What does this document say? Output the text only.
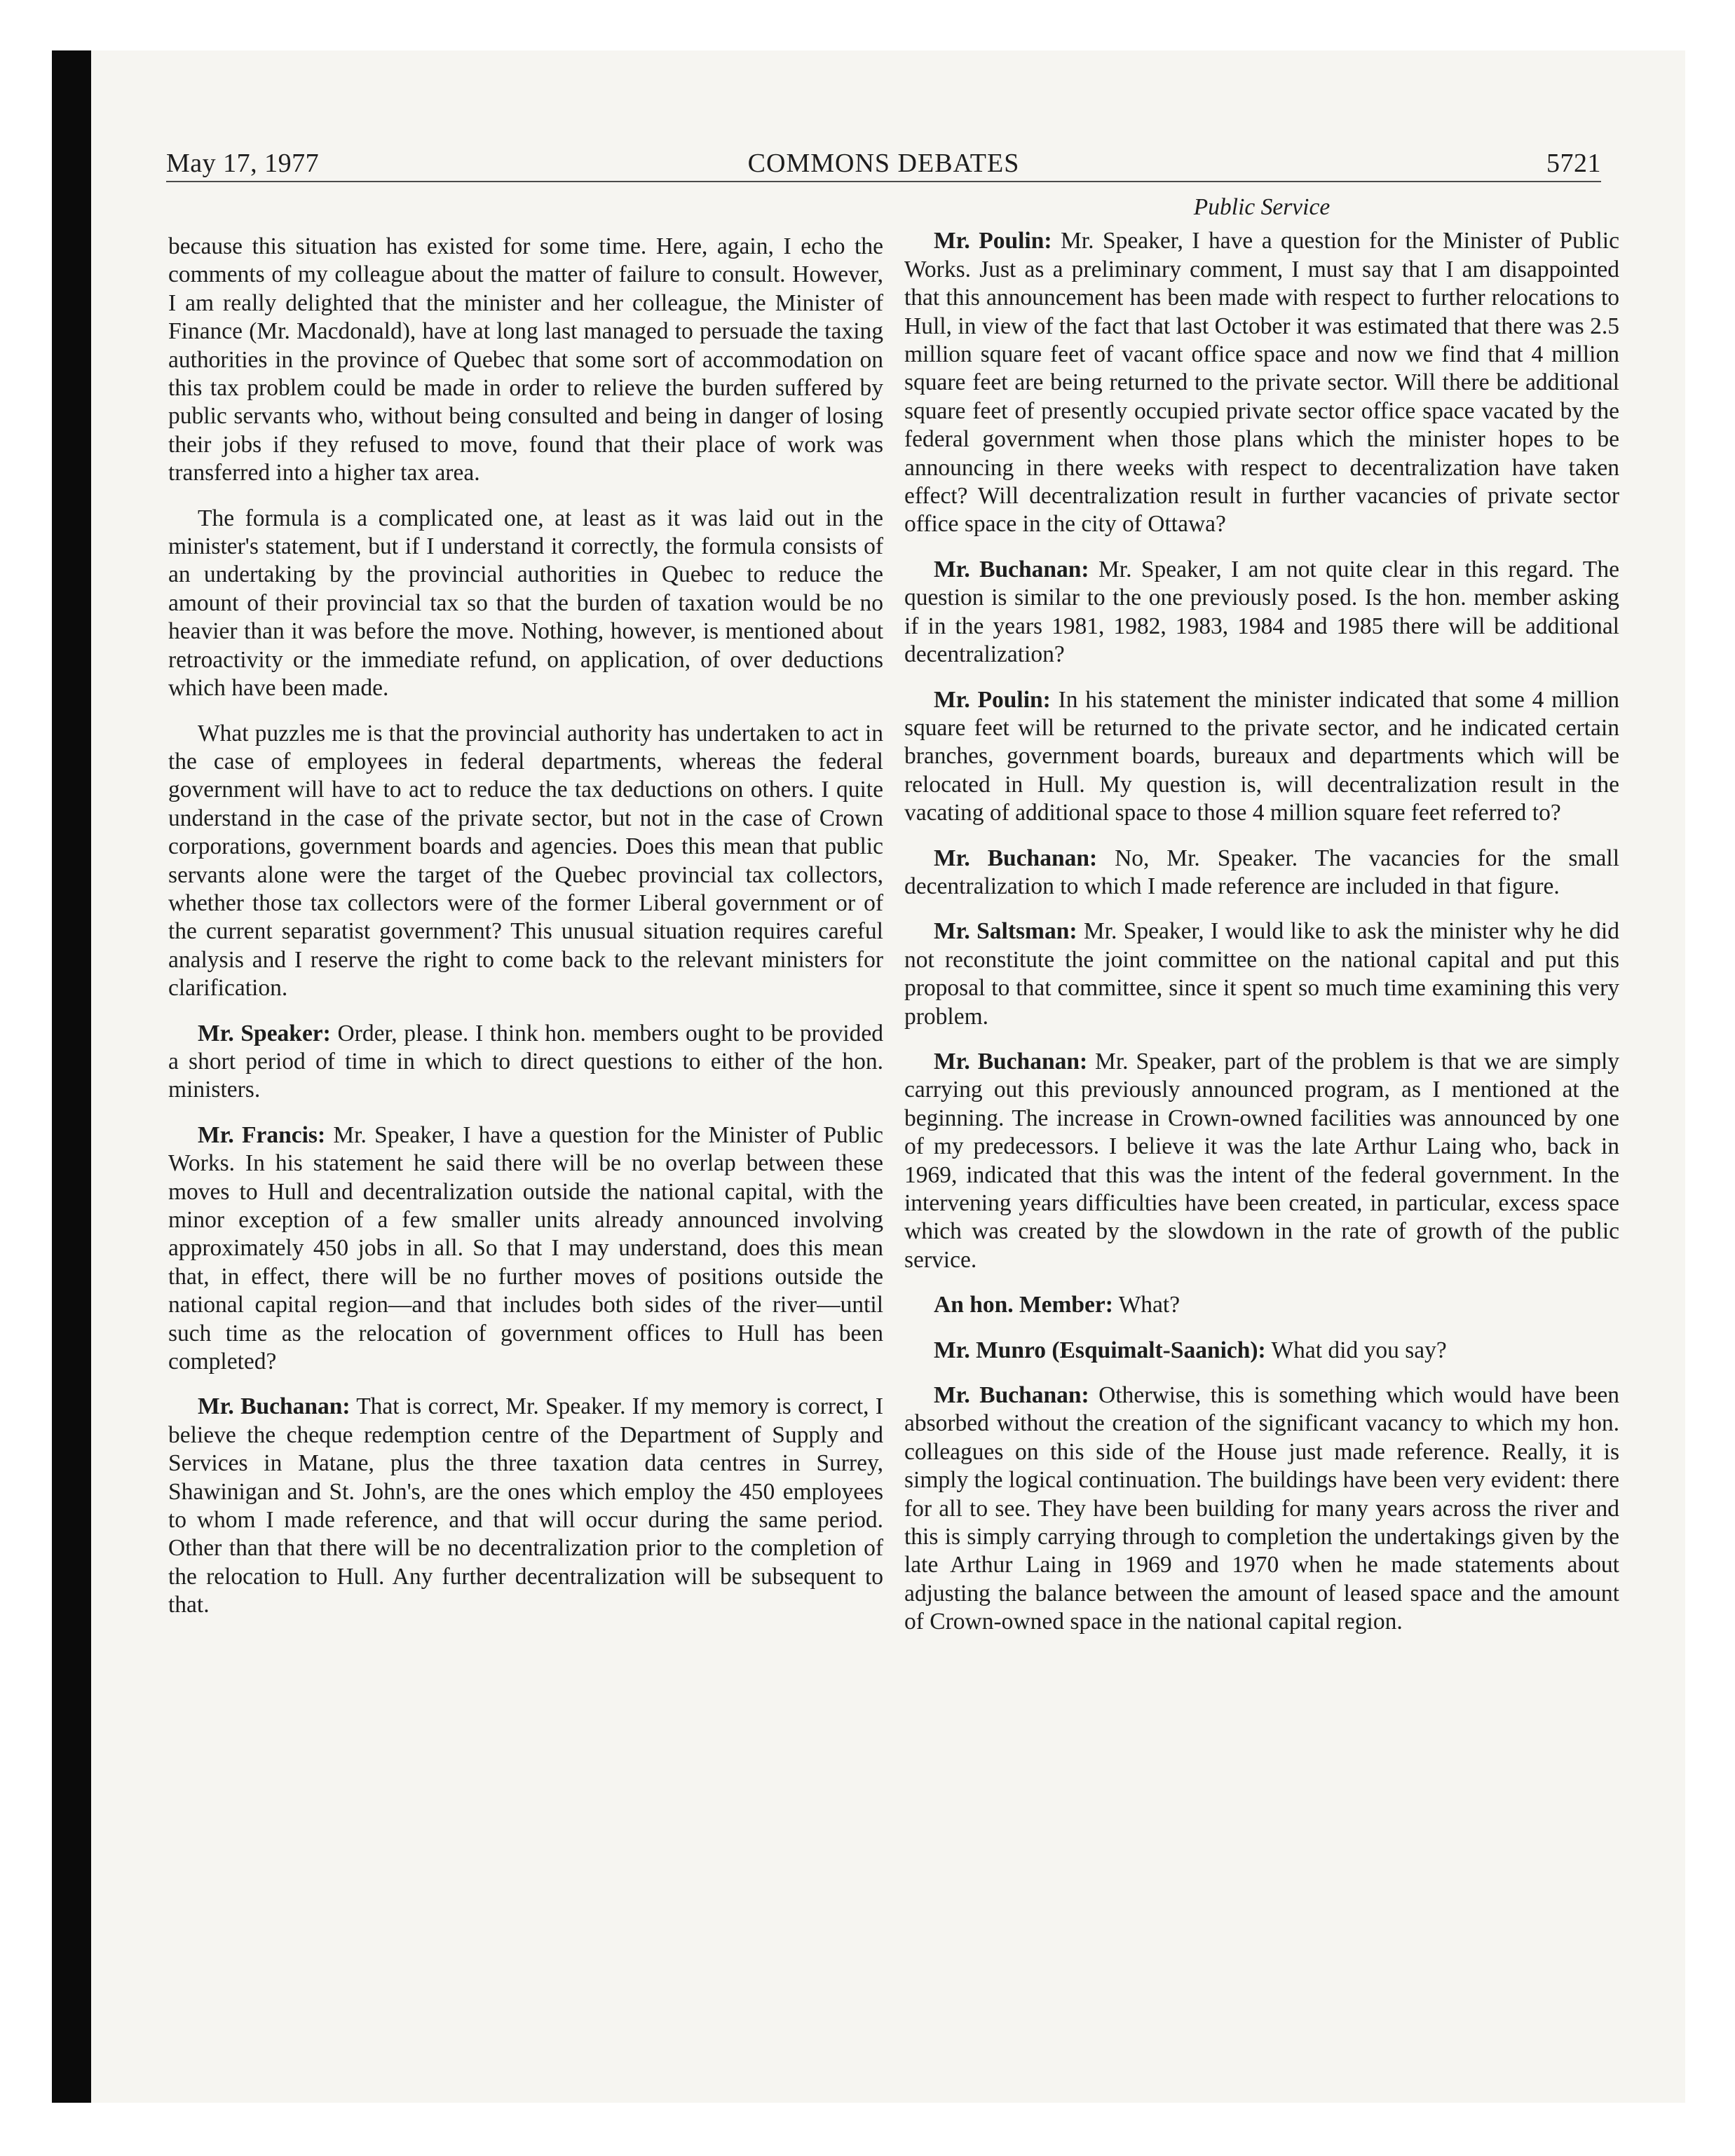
May 17, 1977	COMMONS DEBATES	5721

because this situation has existed for some time. Here, again, I echo the comments of my colleague about the matter of failure to consult. However, I am really delighted that the minister and her colleague, the Minister of Finance (Mr. Macdonald), have at long last managed to persuade the taxing authorities in the province of Quebec that some sort of accommodation on this tax problem could be made in order to relieve the burden suffered by public servants who, without being consulted and being in danger of losing their jobs if they refused to move, found that their place of work was transferred into a higher tax area.

The formula is a complicated one, at least as it was laid out in the minister's statement, but if I understand it correctly, the formula consists of an undertaking by the provincial authorities in Quebec to reduce the amount of their provincial tax so that the burden of taxation would be no heavier than it was before the move. Nothing, however, is mentioned about retroactivity or the immediate refund, on application, of over deductions which have been made.

What puzzles me is that the provincial authority has undertaken to act in the case of employees in federal departments, whereas the federal government will have to act to reduce the tax deductions on others. I quite understand in the case of the private sector, but not in the case of Crown corporations, government boards and agencies. Does this mean that public servants alone were the target of the Quebec provincial tax collectors, whether those tax collectors were of the former Liberal government or of the current separatist government? This unusual situation requires careful analysis and I reserve the right to come back to the relevant ministers for clarification.

Mr. Speaker: Order, please. I think hon. members ought to be provided a short period of time in which to direct questions to either of the hon. ministers.

Mr. Francis: Mr. Speaker, I have a question for the Minister of Public Works. In his statement he said there will be no overlap between these moves to Hull and decentralization outside the national capital, with the minor exception of a few smaller units already announced involving approximately 450 jobs in all. So that I may understand, does this mean that, in effect, there will be no further moves of positions outside the national capital region—and that includes both sides of the river—until such time as the relocation of government offices to Hull has been completed?

Mr. Buchanan: That is correct, Mr. Speaker. If my memory is correct, I believe the cheque redemption centre of the Department of Supply and Services in Matane, plus the three taxation data centres in Surrey, Shawinigan and St. John's, are the ones which employ the 450 employees to whom I made reference, and that will occur during the same period. Other than that there will be no decentralization prior to the completion of the relocation to Hull. Any further decentralization will be subsequent to that.

Public Service

Mr. Poulin: Mr. Speaker, I have a question for the Minister of Public Works. Just as a preliminary comment, I must say that I am disappointed that this announcement has been made with respect to further relocations to Hull, in view of the fact that last October it was estimated that there was 2.5 million square feet of vacant office space and now we find that 4 million square feet are being returned to the private sector. Will there be additional square feet of presently occupied private sector office space vacated by the federal government when those plans which the minister hopes to be announcing in there weeks with respect to decentralization have taken effect? Will decentralization result in further vacancies of private sector office space in the city of Ottawa?

Mr. Buchanan: Mr. Speaker, I am not quite clear in this regard. The question is similar to the one previously posed. Is the hon. member asking if in the years 1981, 1982, 1983, 1984 and 1985 there will be additional decentralization?

Mr. Poulin: In his statement the minister indicated that some 4 million square feet will be returned to the private sector, and he indicated certain branches, government boards, bureaux and departments which will be relocated in Hull. My question is, will decentralization result in the vacating of additional space to those 4 million square feet referred to?

Mr. Buchanan: No, Mr. Speaker. The vacancies for the small decentralization to which I made reference are included in that figure.

Mr. Saltsman: Mr. Speaker, I would like to ask the minister why he did not reconstitute the joint committee on the national capital and put this proposal to that committee, since it spent so much time examining this very problem.

Mr. Buchanan: Mr. Speaker, part of the problem is that we are simply carrying out this previously announced program, as I mentioned at the beginning. The increase in Crown-owned facilities was announced by one of my predecessors. I believe it was the late Arthur Laing who, back in 1969, indicated that this was the intent of the federal government. In the intervening years difficulties have been created, in particular, excess space which was created by the slowdown in the rate of growth of the public service.

An hon. Member: What?

Mr. Munro (Esquimalt-Saanich): What did you say?

Mr. Buchanan: Otherwise, this is something which would have been absorbed without the creation of the significant vacancy to which my hon. colleagues on this side of the House just made reference. Really, it is simply the logical continuation. The buildings have been very evident: there for all to see. They have been building for many years across the river and this is simply carrying through to completion the undertakings given by the late Arthur Laing in 1969 and 1970 when he made statements about adjusting the balance between the amount of leased space and the amount of Crown-owned space in the national capital region.
